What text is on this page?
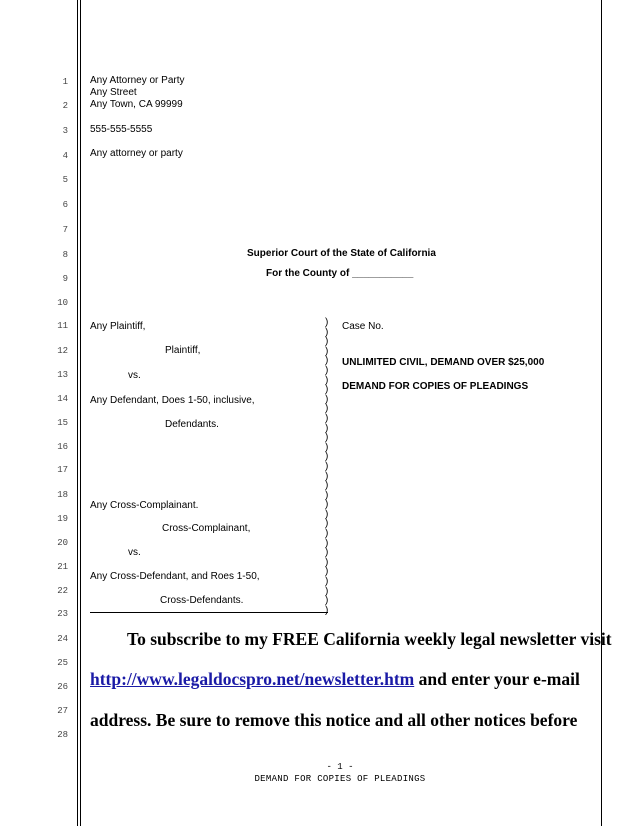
1
2
3
4
5
6
7
8
9
10
11
12
13
14
15
16
17
18
19
20
21
22
23
24
25
26
27
28
Any Attorney or Party
Any Street
Any Town, CA 99999
555-555-5555
Any attorney or party
Superior Court of the State of California
For the County of ___________
Any Plaintiff,
Plaintiff,
vs.
Any Defendant, Does 1-50, inclusive,
Defendants.
Any Cross-Complainant.
Cross-Complainant,
vs.
Any Cross-Defendant, and Roes 1-50,
Cross-Defendants.
)
)
)
)
)
)
)
)
)
)
)
)
)
)
)
)
)
)
)
)
)
)
)
)
)
)
)
)
)
)
)
Case No.
UNLIMITED CIVIL, DEMAND OVER $25,000
DEMAND FOR COPIES OF PLEADINGS
To subscribe to my FREE California weekly legal newsletter visit
http://www.legaldocspro.net/newsletter.htm and enter your e-mail
address. Be sure to remove this notice and all other notices before
- 1 -
DEMAND FOR COPIES OF PLEADINGS
